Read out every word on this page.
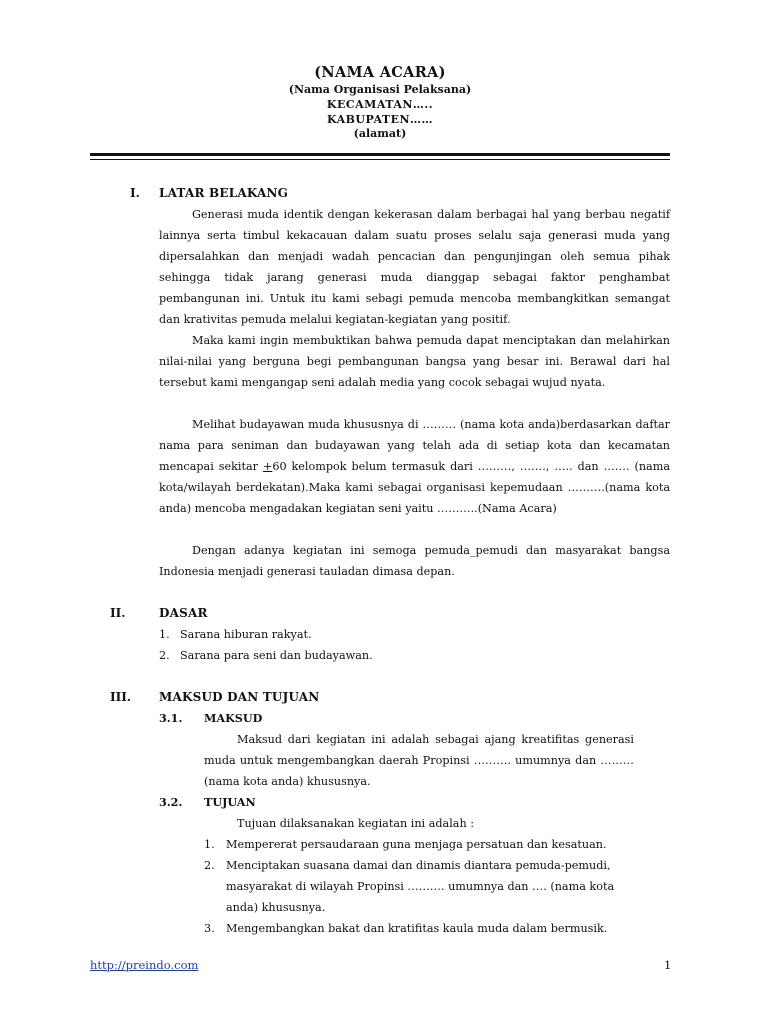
(NAMA ACARA)
(Nama Organisasi Pelaksana)
KECAMATAN…..
KABUPATEN……
(alamat)
I.	LATAR BELAKANG
Generasi muda identik dengan kekerasan dalam berbagai hal yang berbau negatif lainnya serta timbul kekacauan dalam suatu proses selalu saja generasi muda yang dipersalahkan dan menjadi wadah pencacian dan pengunjingan oleh semua pihak sehingga tidak jarang generasi muda dianggap sebagai faktor penghambat pembangunan ini. Untuk itu kami sebagi pemuda mencoba membangkitkan semangat dan krativitas pemuda melalui kegiatan-kegiatan yang positif.
Maka kami ingin membuktikan bahwa pemuda dapat menciptakan dan melahirkan nilai-nilai yang berguna begi pembangunan bangsa yang besar ini. Berawal dari hal tersebut kami mengangap seni adalah media yang cocok sebagai wujud nyata.
Melihat budayawan muda khususnya di ……… (nama kota anda)berdasarkan daftar nama para seniman dan budayawan yang telah ada di setiap kota dan kecamatan mencapai sekitar +60 kelompok belum termasuk dari ………, ……., ….. dan ……. (nama kota/wilayah berdekatan).Maka kami sebagai organisasi kepemudaan ……….(nama kota anda) mencoba mengadakan kegiatan seni yaitu ………..(Nama Acara)
Dengan adanya kegiatan ini semoga pemuda_pemudi dan masyarakat bangsa Indonesia menjadi generasi tauladan dimasa depan.
II.	DASAR
1. Sarana hiburan rakyat.
2. Sarana para seni dan budayawan.
III.	MAKSUD DAN TUJUAN
3.1.	MAKSUD
Maksud dari kegiatan ini adalah sebagai ajang kreatifitas generasi muda untuk mengembangkan daerah Propinsi ………. umumnya dan ………(nama kota anda) khususnya.
3.2.	TUJUAN
Tujuan dilaksanakan kegiatan ini adalah :
1.	Mempererat persaudaraan guna menjaga persatuan dan kesatuan.
2.	Menciptakan suasana damai dan dinamis diantara pemuda-pemudi, masyarakat di wilayah Propinsi ………. umumnya dan …. (nama kota anda) khususnya.
3.	Mengembangkan bakat dan kratifitas kaula muda dalam bermusik.
http://preindo.com	1
